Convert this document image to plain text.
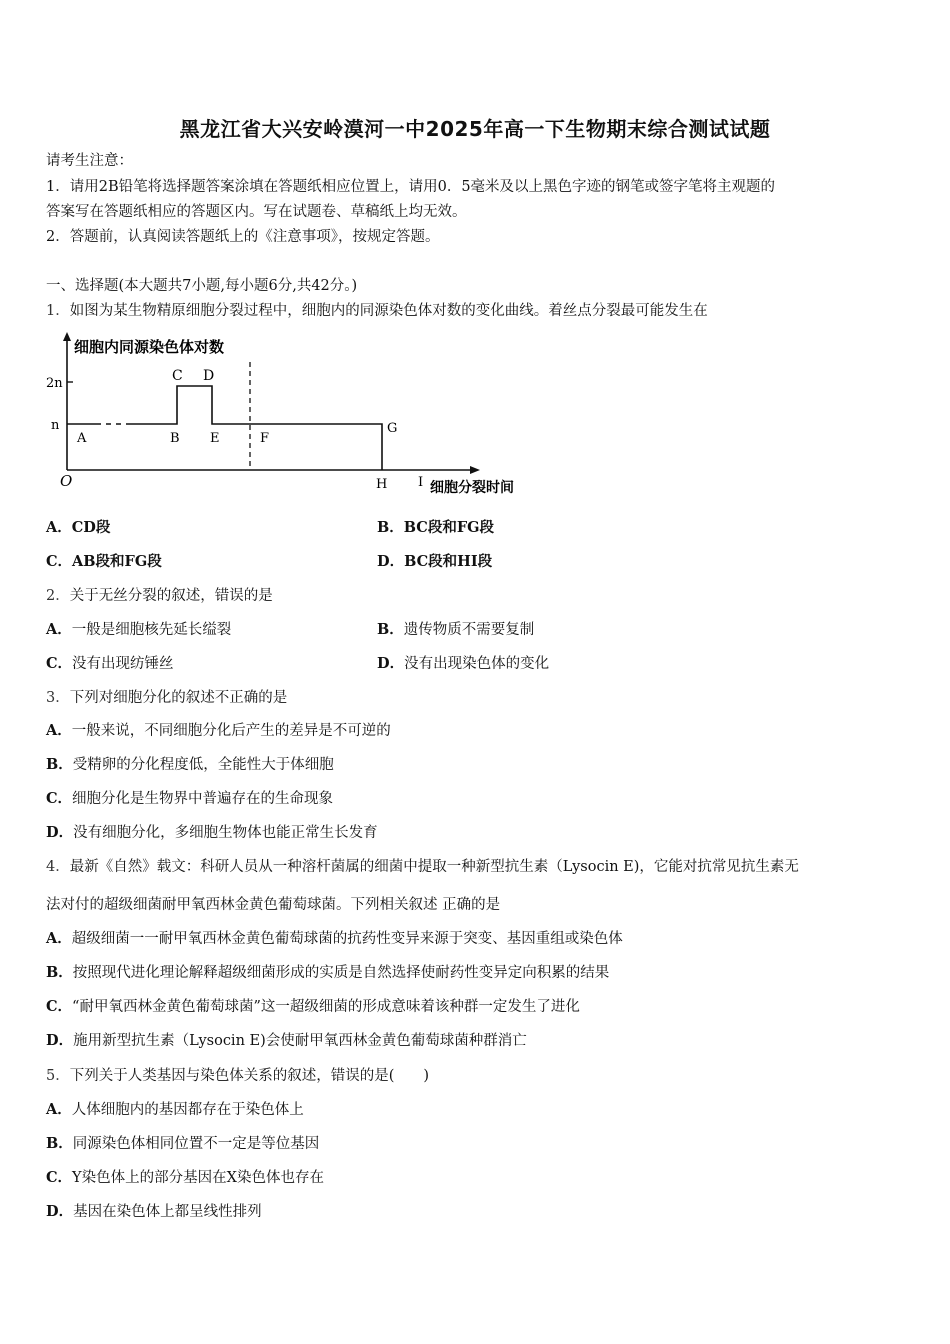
黑龙江省大兴安岭漠河一中2025年高一下生物期末综合测试试题
请考生注意：
1．请用2B铅笔将选择题答案涂填在答题纸相应位置上，请用0．5毫米及以上黑色字迹的钢笔或签字笔将主观题的
答案写在答题纸相应的答题区内。写在试题卷、草稿纸上均无效。
2．答题前，认真阅读答题纸上的《注意事项》，按规定答题。
一、选择题(本大题共7小题,每小题6分,共42分。)
1．如图为某生物精原细胞分裂过程中，细胞内的同源染色体对数的变化曲线。着丝点分裂最可能发生在
细胞内同源染色体对数
2n
n
O
A	B
C D
E	F
G
H I 细胞分裂时间
A．CD段	B．BC段和FG段
C．AB段和FG段	D．BC段和HI段
2．关于无丝分裂的叙述，错误的是
A．一般是细胞核先延长缢裂	B．遗传物质不需要复制
C．没有出现纺锤丝	D．没有出现染色体的变化
3．下列对细胞分化的叙述不正确的是
A．一般来说，不同细胞分化后产生的差异是不可逆的
B．受精卵的分化程度低，全能性大于体细胞
C．细胞分化是生物界中普遍存在的生命现象
D．没有细胞分化，多细胞生物体也能正常生长发育
4．最新《自然》载文：科研人员从一种溶杆菌属的细菌中提取一种新型抗生素（Lysocin E)，它能对抗常见抗生素无
法对付的超级细菌耐甲氧西林金黄色葡萄球菌。下列相关叙述 正确的是
A．超级细菌一一耐甲氧西林金黄色葡萄球菌的抗药性变异来源于突变、基因重组或染色体
B．按照现代进化理论解释超级细菌形成的实质是自然选择使耐药性变异定向积累的结果
C．“耐甲氧西林金黄色葡萄球菌”这一超级细菌的形成意味着该种群一定发生了进化
D．施用新型抗生素（Lysocin E)会使耐甲氧西林金黄色葡萄球菌种群消亡
5．下列关于人类基因与染色体关系的叙述，错误的是(　　)
A．人体细胞内的基因都存在于染色体上
B．同源染色体相同位置不一定是等位基因
C．Y染色体上的部分基因在X染色体也存在
D．基因在染色体上都呈线性排列
